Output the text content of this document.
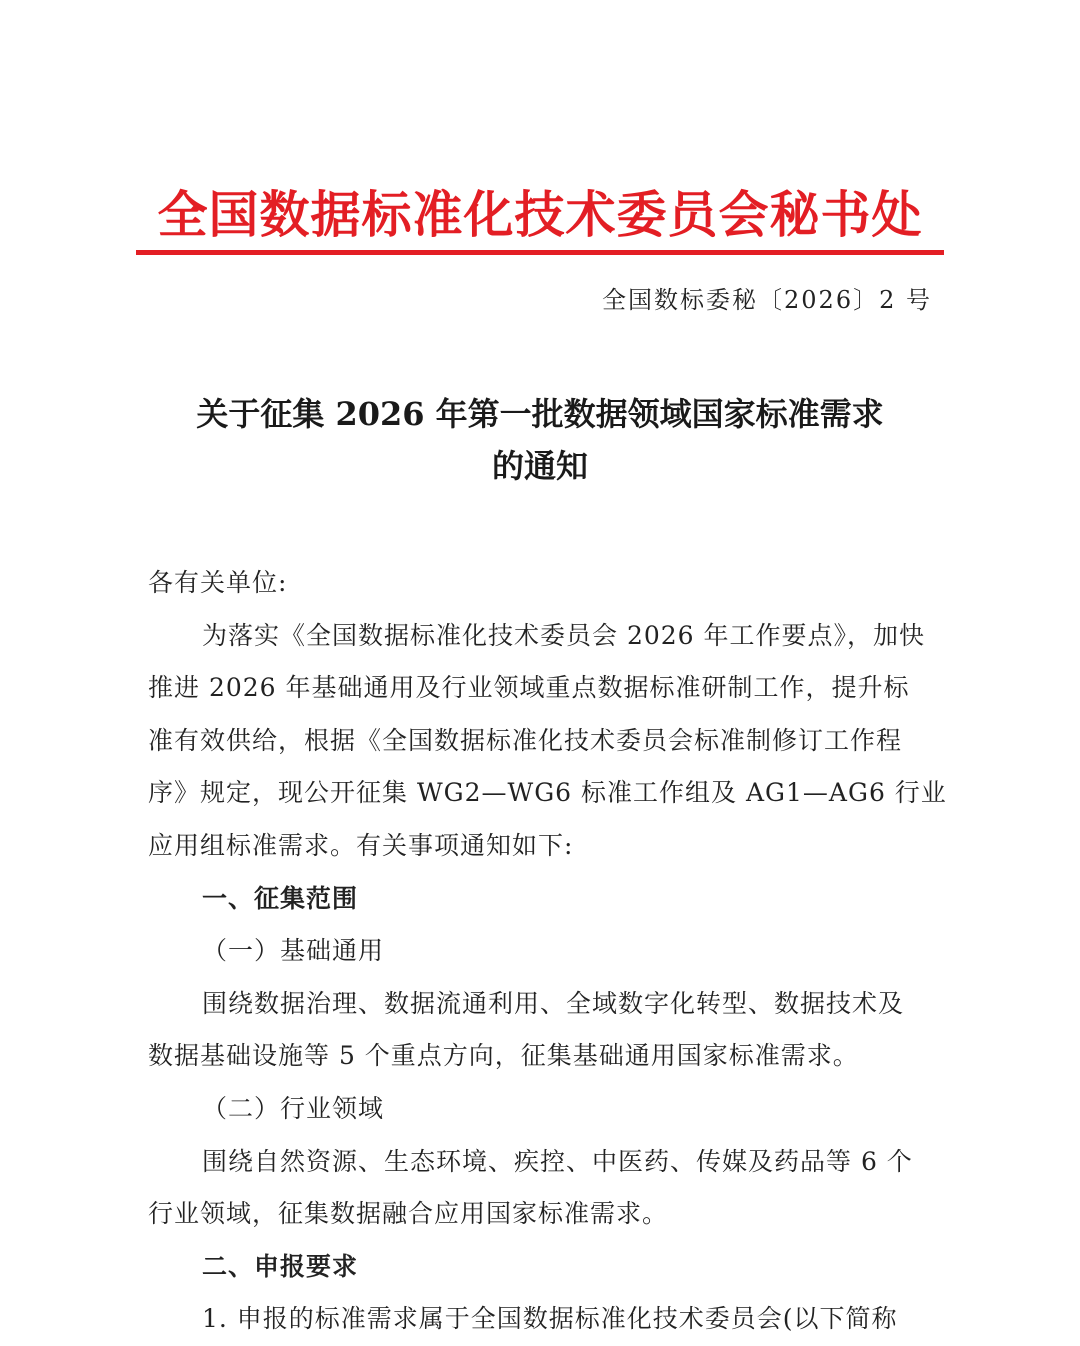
全国数据标准化技术委员会秘书处
全国数标委秘〔2026〕2 号
关于征集 2026 年第一批数据领域国家标准需求
的通知

各有关单位:

为落实《全国数据标准化技术委员会 2026 年工作要点》，加快

推进 2026 年基础通用及行业领域重点数据标准研制工作，提升标

准有效供给，根据《全国数据标准化技术委员会标准制修订工作程

序》规定，现公开征集 WG2—WG6 标准工作组及 AG1—AG6 行业

应用组标准需求。有关事项通知如下:

一、征集范围

（一）基础通用

围绕数据治理、数据流通利用、全域数字化转型、数据技术及

数据基础设施等 5 个重点方向，征集基础通用国家标准需求。

（二）行业领域

围绕自然资源、生态环境、疾控、中医药、传媒及药品等 6 个

行业领域，征集数据融合应用国家标准需求。

二、申报要求

1. 申报的标准需求属于全国数据标准化技术委员会(以下简称
